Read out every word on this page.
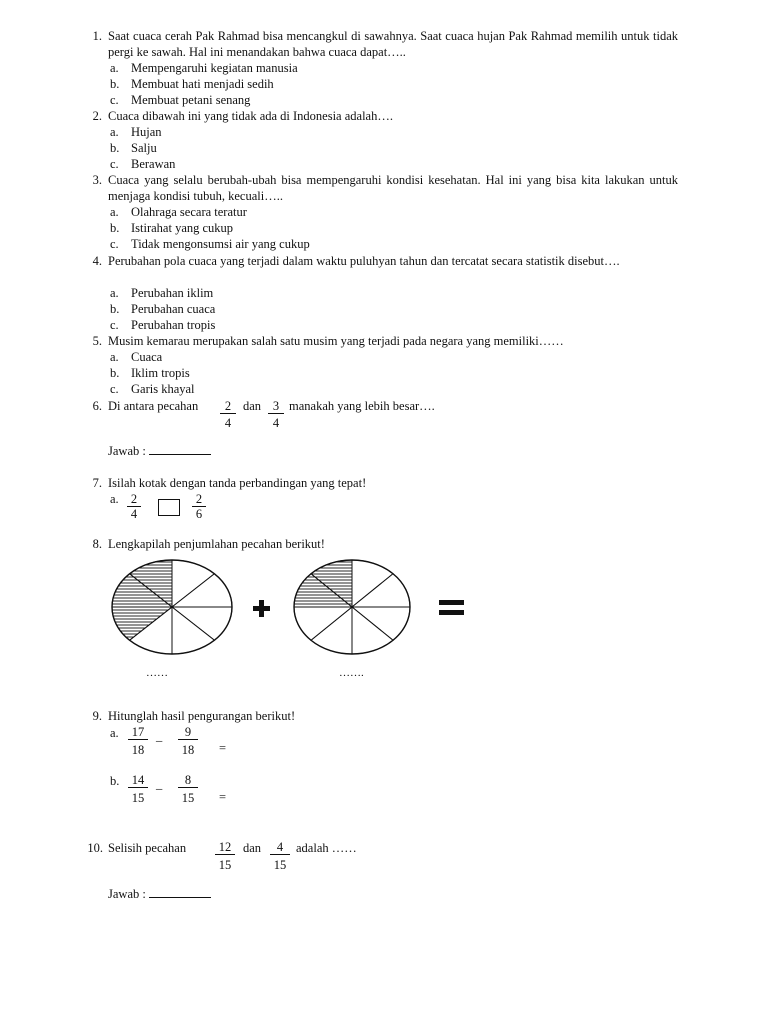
1. Saat cuaca cerah Pak Rahmad bisa mencangkul di sawahnya. Saat cuaca hujan Pak Rahmad memilih untuk tidak pergi ke sawah. Hal ini menandakan bahwa cuaca dapat…..
a. Mempengaruhi kegiatan manusia
b. Membuat hati menjadi sedih
c. Membuat petani senang
2. Cuaca dibawah ini yang tidak ada di Indonesia adalah….
a. Hujan
b. Salju
c. Berawan
3. Cuaca yang selalu berubah-ubah bisa mempengaruhi kondisi kesehatan. Hal ini yang bisa kita lakukan untuk menjaga kondisi tubuh, kecuali…..
a. Olahraga secara teratur
b. Istirahat yang cukup
c. Tidak mengonsumsi air yang cukup
4. Perubahan pola cuaca yang terjadi dalam waktu puluhyan tahun dan tercatat secara statistik disebut….
a. Perubahan iklim
b. Perubahan cuaca
c. Perubahan tropis
5. Musim kemarau merupakan salah satu musim yang terjadi pada negara yang memiliki……
a. Cuaca
b. Iklim tropis
c. Garis khayal
6. Di antara pecahan $\frac{2}{4}$ dan $\frac{3}{4}$ manakah yang lebih besar….
Jawab :
7. Isilah kotak dengan tanda perbandingan yang tepat!
a. $\frac{2}{4}$	$\frac{2}{6}$
8. Lengkapilah penjumlahan pecahan berikut!
……	…….
9. Hitunglah hasil pengurangan berikut!
a. $\frac{17}{18}$ _ $\frac{9}{18}$ =
b. $\frac{14}{15}$ _ $\frac{8}{15}$ =
10. Selisih pecahan $\frac{12}{15}$ dan $\frac{4}{15}$ adalah ……
Jawab :
